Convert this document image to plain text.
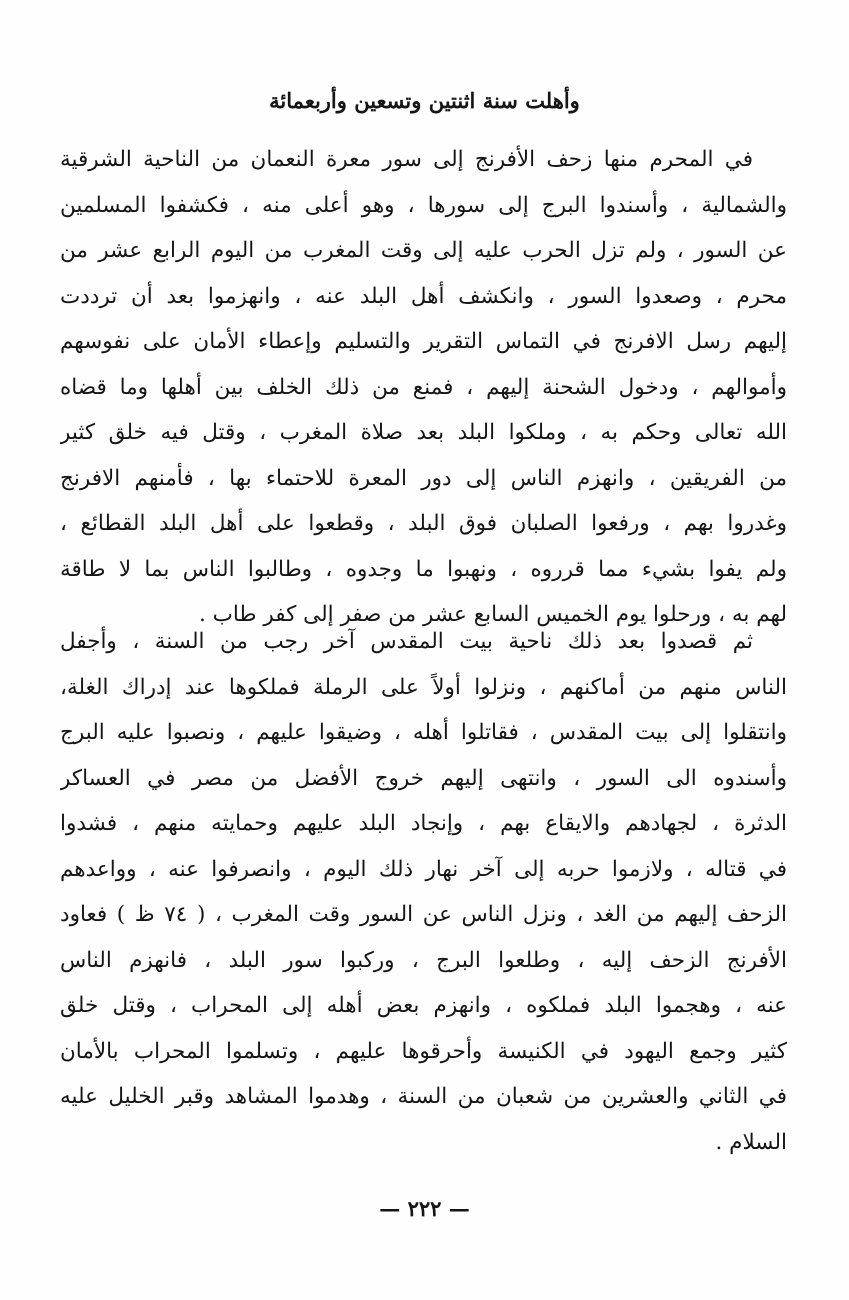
وأهلت سنة اثنتين وتسعين وأربعمائة
في المحرم منها زحف الأفرنج إلى سور معرة النعمان من الناحية الشرقية
والشمالية ، وأسندوا البرج إلى سورها ، وهو أعلى منه ، فكشفوا المسلمين
عن السور ، ولم تزل الحرب عليه إلى وقت المغرب من اليوم الرابع عشر من
محرم ، وصعدوا السور ، وانكشف أهل البلد عنه ، وانهزموا بعد أن ترددت
إليهم رسل الافرنج في التماس التقرير والتسليم وإعطاء الأمان على نفوسهم
وأموالهم ، ودخول الشحنة إليهم ، فمنع من ذلك الخلف بين أهلها وما قضاه
الله تعالى وحكم به ، وملكوا البلد بعد صلاة المغرب ، وقتل فيه خلق كثير
من الفريقين ، وانهزم الناس إلى دور المعرة للاحتماء بها ، فأمنهم الافرنج
وغدروا بهم ، ورفعوا الصلبان فوق البلد ، وقطعوا على أهل البلد القطائع ،
ولم يفوا بشيء مما قرروه ، ونهبوا ما وجدوه ، وطالبوا الناس بما لا طاقة
لهم به ، ورحلوا يوم الخميس السابع عشر من صفر إلى كفر طاب .
ثم قصدوا بعد ذلك ناحية بيت المقدس آخر رجب من السنة ، وأجفل
الناس منهم من أماكنهم ، ونزلوا أولاً على الرملة فملكوها عند إدراك الغلة،
وانتقلوا إلى بيت المقدس ، فقاتلوا أهله ، وضيقوا عليهم ، ونصبوا عليه البرج
وأسندوه الى السور ، وانتهى إليهم خروج الأفضل من مصر في العساكر
الدثرة ، لجهادهم والايقاع بهم ، وإنجاد البلد عليهم وحمايته منهم ، فشدوا
في قتاله ، ولازموا حربه إلى آخر نهار ذلك اليوم ، وانصرفوا عنه ، وواعدهم
الزحف إليهم من الغد ، ونزل الناس عن السور وقت المغرب ، ( ٧٤ ظ ) فعاود
الأفرنج الزحف إليه ، وطلعوا البرج ، وركبوا سور البلد ، فانهزم الناس
عنه ، وهجموا البلد فملكوه ، وانهزم بعض أهله إلى المحراب ، وقتل خلق
كثير وجمع اليهود في الكنيسة وأحرقوها عليهم ، وتسلموا المحراب بالأمان
في الثاني والعشرين من شعبان من السنة ، وهدموا المشاهد وقبر الخليل عليه
السلام .
— ٢٢٢ —
